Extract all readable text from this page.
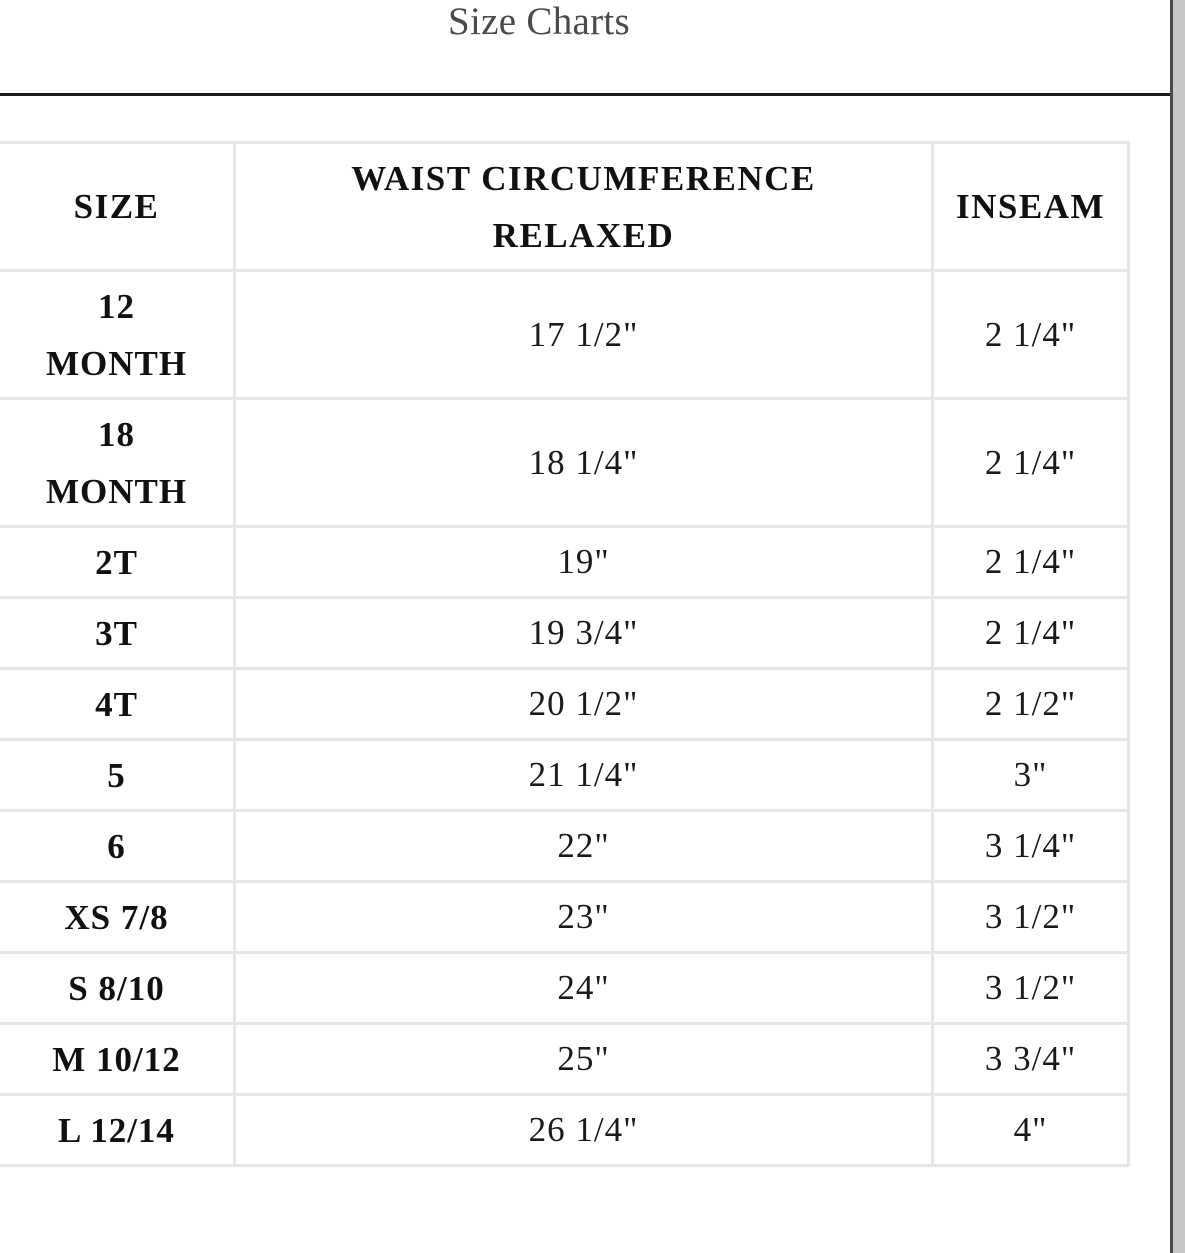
Size Charts
SIZE	WAIST CIRCUMFERENCE RELAXED	INSEAM
12 MONTH	17 1/2"	2 1/4"
18 MONTH	18 1/4"	2 1/4"
2T	19"	2 1/4"
3T	19 3/4"	2 1/4"
4T	20 1/2"	2 1/2"
5	21 1/4"	3"
6	22"	3 1/4"
XS 7/8	23"	3 1/2"
S 8/10	24"	3 1/2"
M 10/12	25"	3 3/4"
L 12/14	26 1/4"	4"
